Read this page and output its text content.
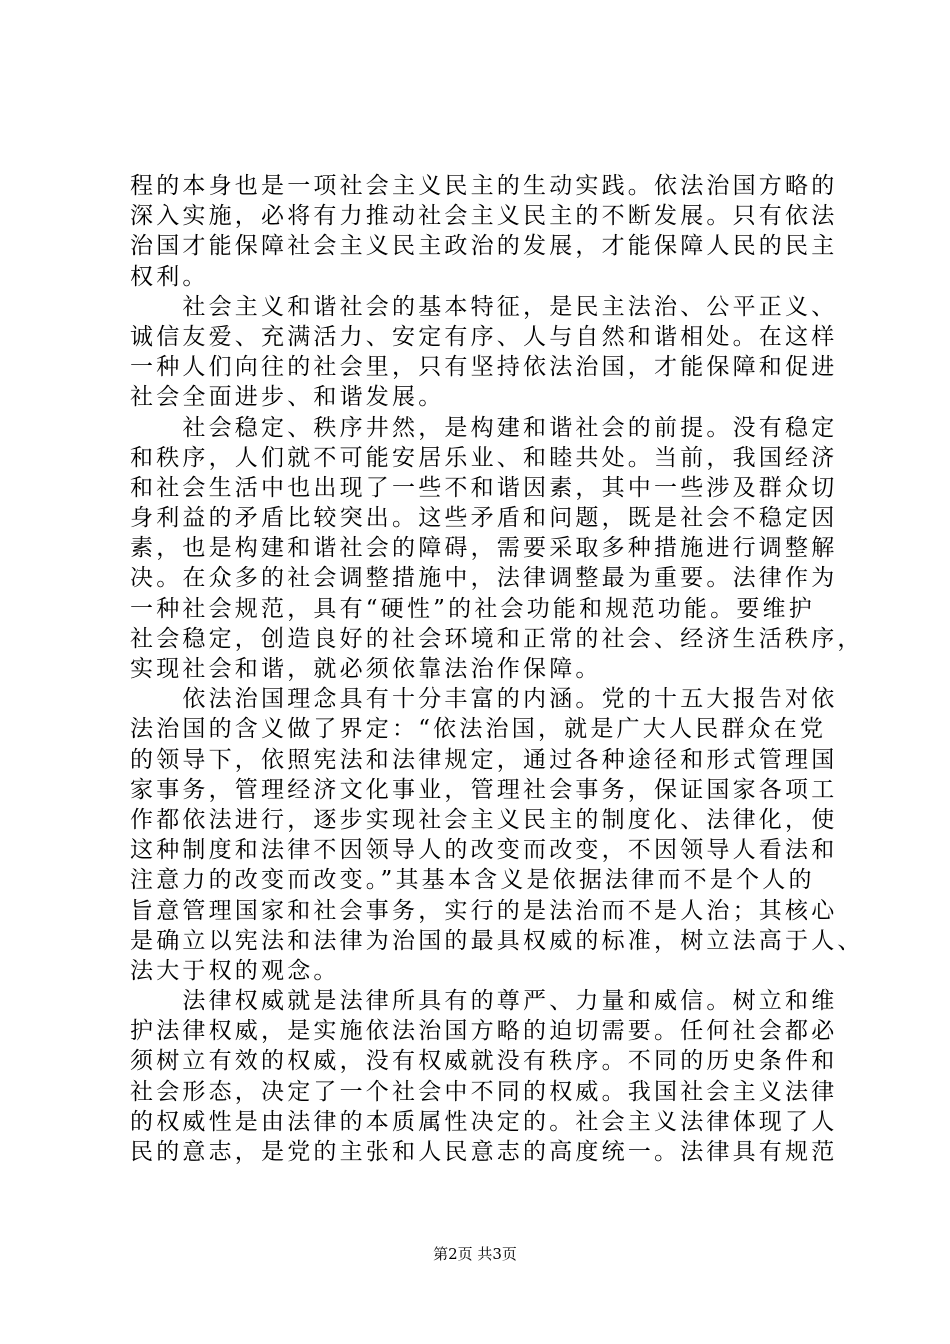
程的本身也是一项社会主义民主的生动实践。依法治国方略的
深入实施，必将有力推动社会主义民主的不断发展。只有依法
治国才能保障社会主义民主政治的发展，才能保障人民的民主
权利。
　　社会主义和谐社会的基本特征，是民主法治、公平正义、
诚信友爱、充满活力、安定有序、人与自然和谐相处。在这样
一种人们向往的社会里，只有坚持依法治国，才能保障和促进
社会全面进步、和谐发展。
　　社会稳定、秩序井然，是构建和谐社会的前提。没有稳定
和秩序，人们就不可能安居乐业、和睦共处。当前，我国经济
和社会生活中也出现了一些不和谐因素，其中一些涉及群众切
身利益的矛盾比较突出。这些矛盾和问题，既是社会不稳定因
素，也是构建和谐社会的障碍，需要采取多种措施进行调整解
决。在众多的社会调整措施中，法律调整最为重要。法律作为
一种社会规范，具有“硬性”的社会功能和规范功能。要维护
社会稳定，创造良好的社会环境和正常的社会、经济生活秩序，
实现社会和谐，就必须依靠法治作保障。
　　依法治国理念具有十分丰富的内涵。党的十五大报告对依
法治国的含义做了界定：“依法治国，就是广大人民群众在党
的领导下，依照宪法和法律规定，通过各种途径和形式管理国
家事务，管理经济文化事业，管理社会事务，保证国家各项工
作都依法进行，逐步实现社会主义民主的制度化、法律化，使
这种制度和法律不因领导人的改变而改变，不因领导人看法和
注意力的改变而改变。”其基本含义是依据法律而不是个人的
旨意管理国家和社会事务，实行的是法治而不是人治；其核心
是确立以宪法和法律为治国的最具权威的标准，树立法高于人、
法大于权的观念。
　　法律权威就是法律所具有的尊严、力量和威信。树立和维
护法律权威，是实施依法治国方略的迫切需要。任何社会都必
须树立有效的权威，没有权威就没有秩序。不同的历史条件和
社会形态，决定了一个社会中不同的权威。我国社会主义法律
的权威性是由法律的本质属性决定的。社会主义法律体现了人
民的意志，是党的主张和人民意志的高度统一。法律具有规范
第2页 共3页
